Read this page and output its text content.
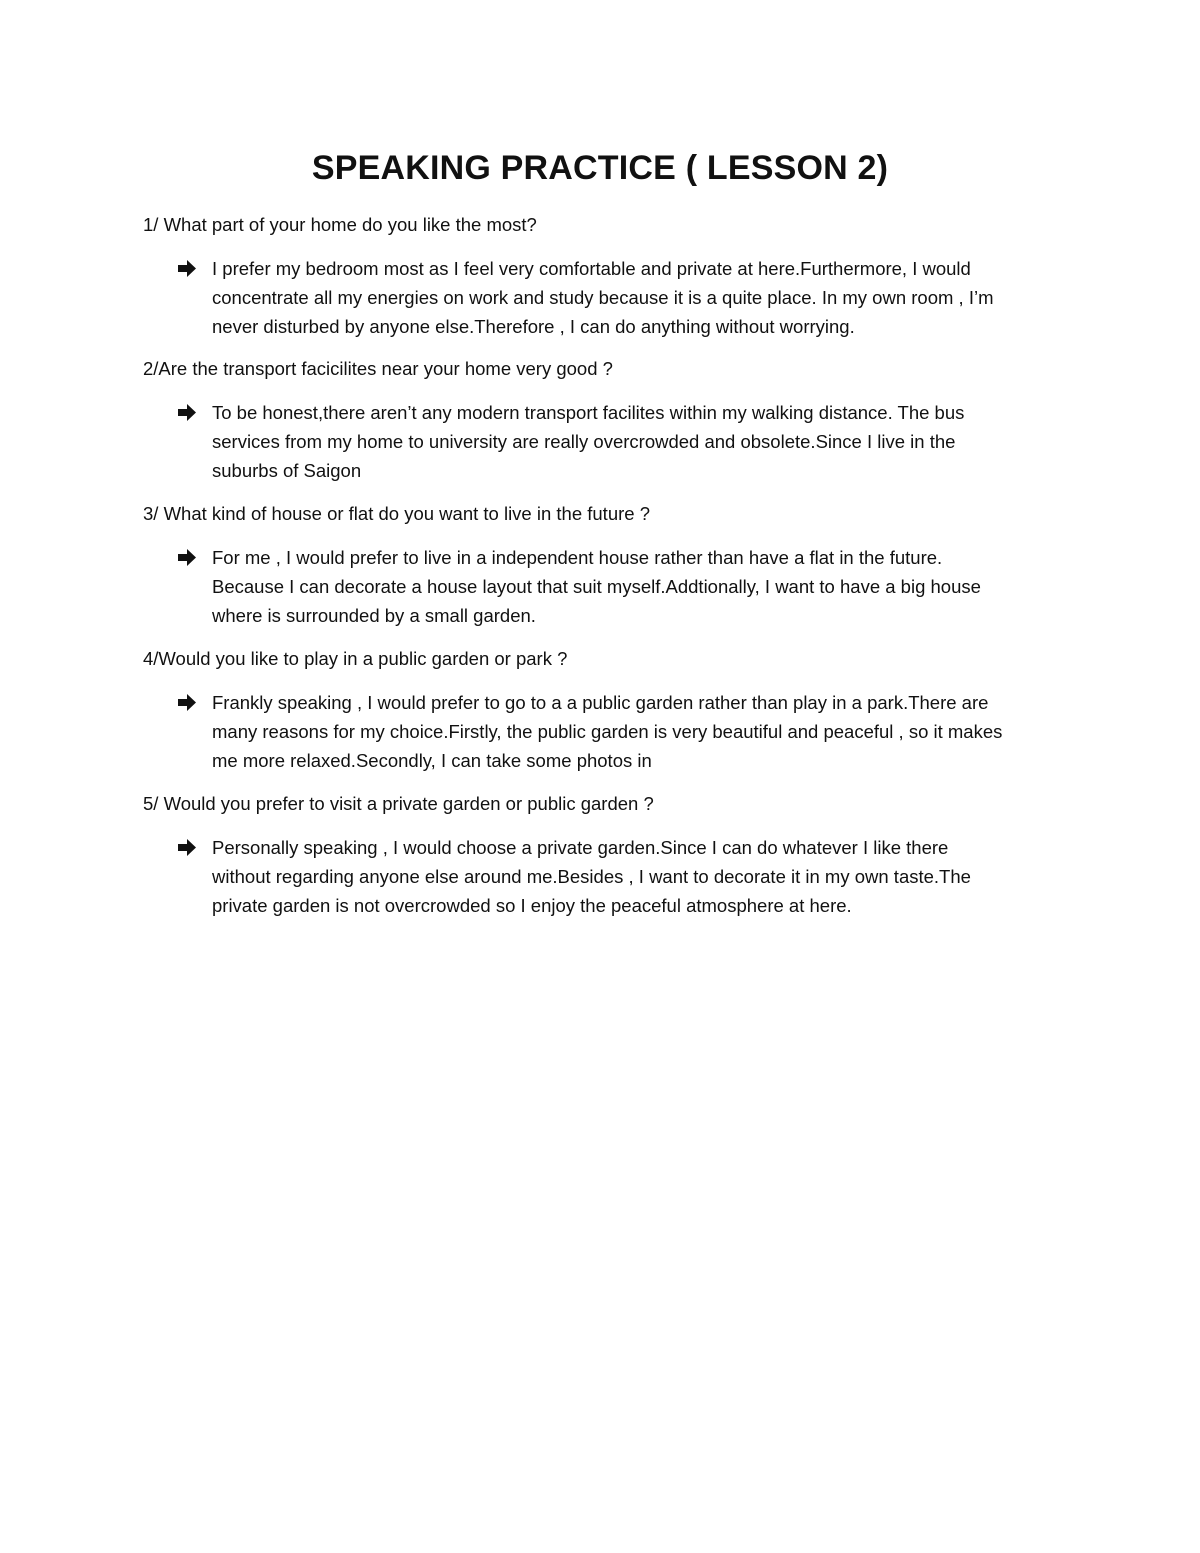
SPEAKING PRACTICE ( LESSON 2)
1/ What part of your home do you like the most?
I prefer my bedroom most as I feel very comfortable and private at here.Furthermore, I would
concentrate all my energies on work and study because it is a quite place. In my own room , I’m
never disturbed by anyone else.Therefore , I can do anything without worrying.
2/Are the transport facicilites near your home very good ?
To be honest,there aren’t any modern transport facilites within my walking distance. The bus
services from my home to university are really overcrowded and obsolete.Since I live in the
suburbs of Saigon
3/ What kind of house or flat do you want to live in the future ?
For me , I would prefer to live in a independent house rather than have a flat in the future.
Because I can decorate a house layout that suit myself.Addtionally, I want to have a big house
where is surrounded by a small garden.
4/Would you like to play in a public garden or park ?
Frankly speaking , I would prefer to go to a a public garden rather than play in a park.There are
many reasons for my choice.Firstly, the public garden is very beautiful and peaceful , so it makes
me more relaxed.Secondly, I can take some photos in
5/ Would you prefer to visit a private garden or public garden ?
Personally speaking , I would choose a private garden.Since I can do whatever I like there
without regarding anyone else around me.Besides , I want to decorate it in my own taste.The
private garden is not overcrowded so I enjoy the peaceful atmosphere at here.
